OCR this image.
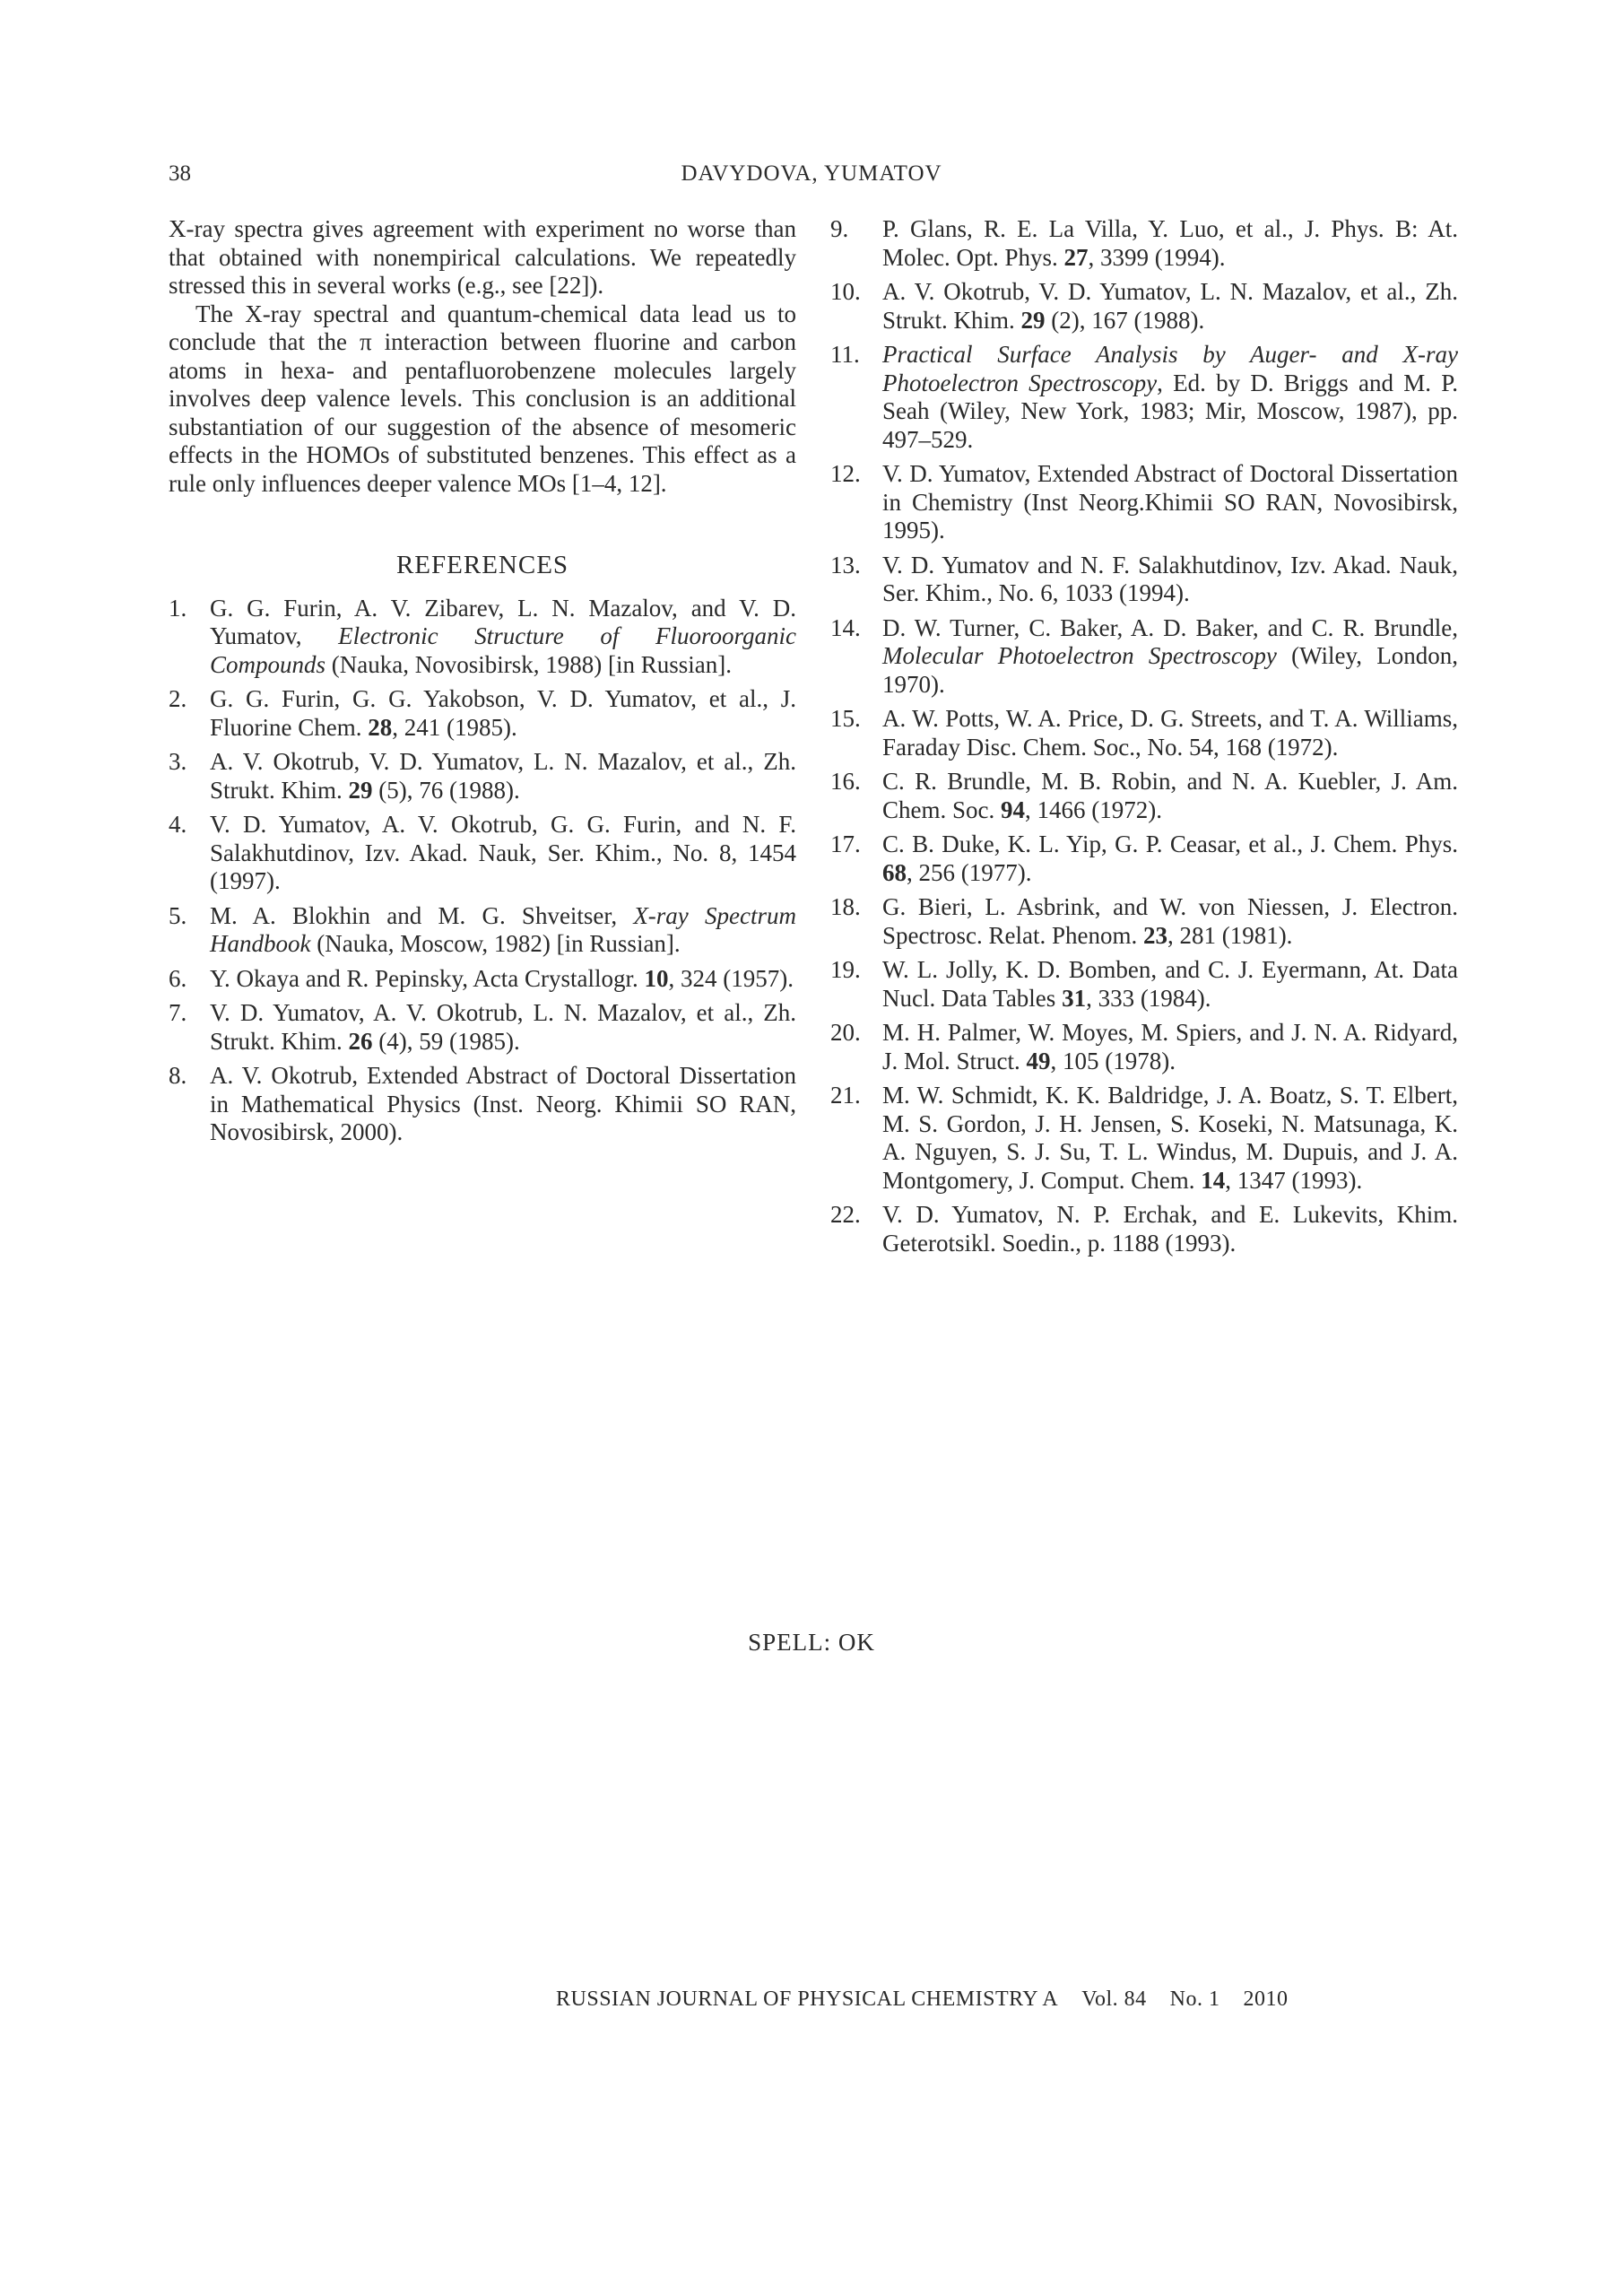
38	DAVYDOVA, YUMATOV

X-ray spectra gives agreement with experiment no worse than that obtained with nonempirical calculations. We repeatedly stressed this in several works (e.g., see [22]).

The X-ray spectral and quantum-chemical data lead us to conclude that the π interaction between fluorine and carbon atoms in hexa- and pentafluorobenzene molecules largely involves deep valence levels. This conclusion is an additional substantiation of our suggestion of the absence of mesomeric effects in the HOMOs of substituted benzenes. This effect as a rule only influences deeper valence MOs [1–4, 12].

REFERENCES
1. G. G. Furin, A. V. Zibarev, L. N. Mazalov, and V. D. Yumatov, Electronic Structure of Fluoroorganic Compounds (Nauka, Novosibirsk, 1988) [in Russian].
2. G. G. Furin, G. G. Yakobson, V. D. Yumatov, et al., J. Fluorine Chem. 28, 241 (1985).
3. A. V. Okotrub, V. D. Yumatov, L. N. Mazalov, et al., Zh. Strukt. Khim. 29 (5), 76 (1988).
4. V. D. Yumatov, A. V. Okotrub, G. G. Furin, and N. F. Salakhutdinov, Izv. Akad. Nauk, Ser. Khim., No. 8, 1454 (1997).
5. M. A. Blokhin and M. G. Shveitser, X-ray Spectrum Handbook (Nauka, Moscow, 1982) [in Russian].
6. Y. Okaya and R. Pepinsky, Acta Crystallogr. 10, 324 (1957).
7. V. D. Yumatov, A. V. Okotrub, L. N. Mazalov, et al., Zh. Strukt. Khim. 26 (4), 59 (1985).
8. A. V. Okotrub, Extended Abstract of Doctoral Dissertation in Mathematical Physics (Inst. Neorg. Khimii SO RAN, Novosibirsk, 2000).
9.	P. Glans, R. E. La Villa, Y. Luo, et al., J. Phys. B: At. Molec. Opt. Phys. 27, 3399 (1994).
10. A. V. Okotrub, V. D. Yumatov, L. N. Mazalov, et al., Zh. Strukt. Khim. 29 (2), 167 (1988).
11. Practical Surface Analysis by Auger- and X-ray Photoelectron Spectroscopy, Ed. by D. Briggs and M. P. Seah (Wiley, New York, 1983; Mir, Moscow, 1987), pp. 497–529.
12. V. D. Yumatov, Extended Abstract of Doctoral Dissertation in Chemistry (Inst Neorg.Khimii SO RAN, Novosibirsk, 1995).
13. V. D. Yumatov and N. F. Salakhutdinov, Izv. Akad. Nauk, Ser. Khim., No. 6, 1033 (1994).
14. D. W. Turner, C. Baker, A. D. Baker, and C. R. Brundle, Molecular Photoelectron Spectroscopy (Wiley, London, 1970).
15. A. W. Potts, W. A. Price, D. G. Streets, and T. A. Williams, Faraday Disc. Chem. Soc., No. 54, 168 (1972).
16. C. R. Brundle, M. B. Robin, and N. A. Kuebler, J. Am. Chem. Soc. 94, 1466 (1972).
17. C. B. Duke, K. L. Yip, G. P. Ceasar, et al., J. Chem. Phys. 68, 256 (1977).
18. G. Bieri, L. Asbrink, and W. von Niessen, J. Electron. Spectrosc. Relat. Phenom. 23, 281 (1981).
19. W. L. Jolly, K. D. Bomben, and C. J. Eyermann, At. Data Nucl. Data Tables 31, 333 (1984).
20. M. H. Palmer, W. Moyes, M. Spiers, and J. N. A. Ridyard, J. Mol. Struct. 49, 105 (1978).
21. M. W. Schmidt, K. K. Baldridge, J. A. Boatz, S. T. Elbert, M. S. Gordon, J. H. Jensen, S. Koseki, N. Matsunaga, K. A. Nguyen, S. J. Su, T. L. Windus, M. Dupuis, and J. A. Montgomery, J. Comput. Chem. 14, 1347 (1993).
22. V. D. Yumatov, N. P. Erchak, and E. Lukevits, Khim. Geterotsikl. Soedin., p. 1188 (1993).
SPELL: OK
RUSSIAN JOURNAL OF PHYSICAL CHEMISTRY A Vol. 84 No. 1 2010
